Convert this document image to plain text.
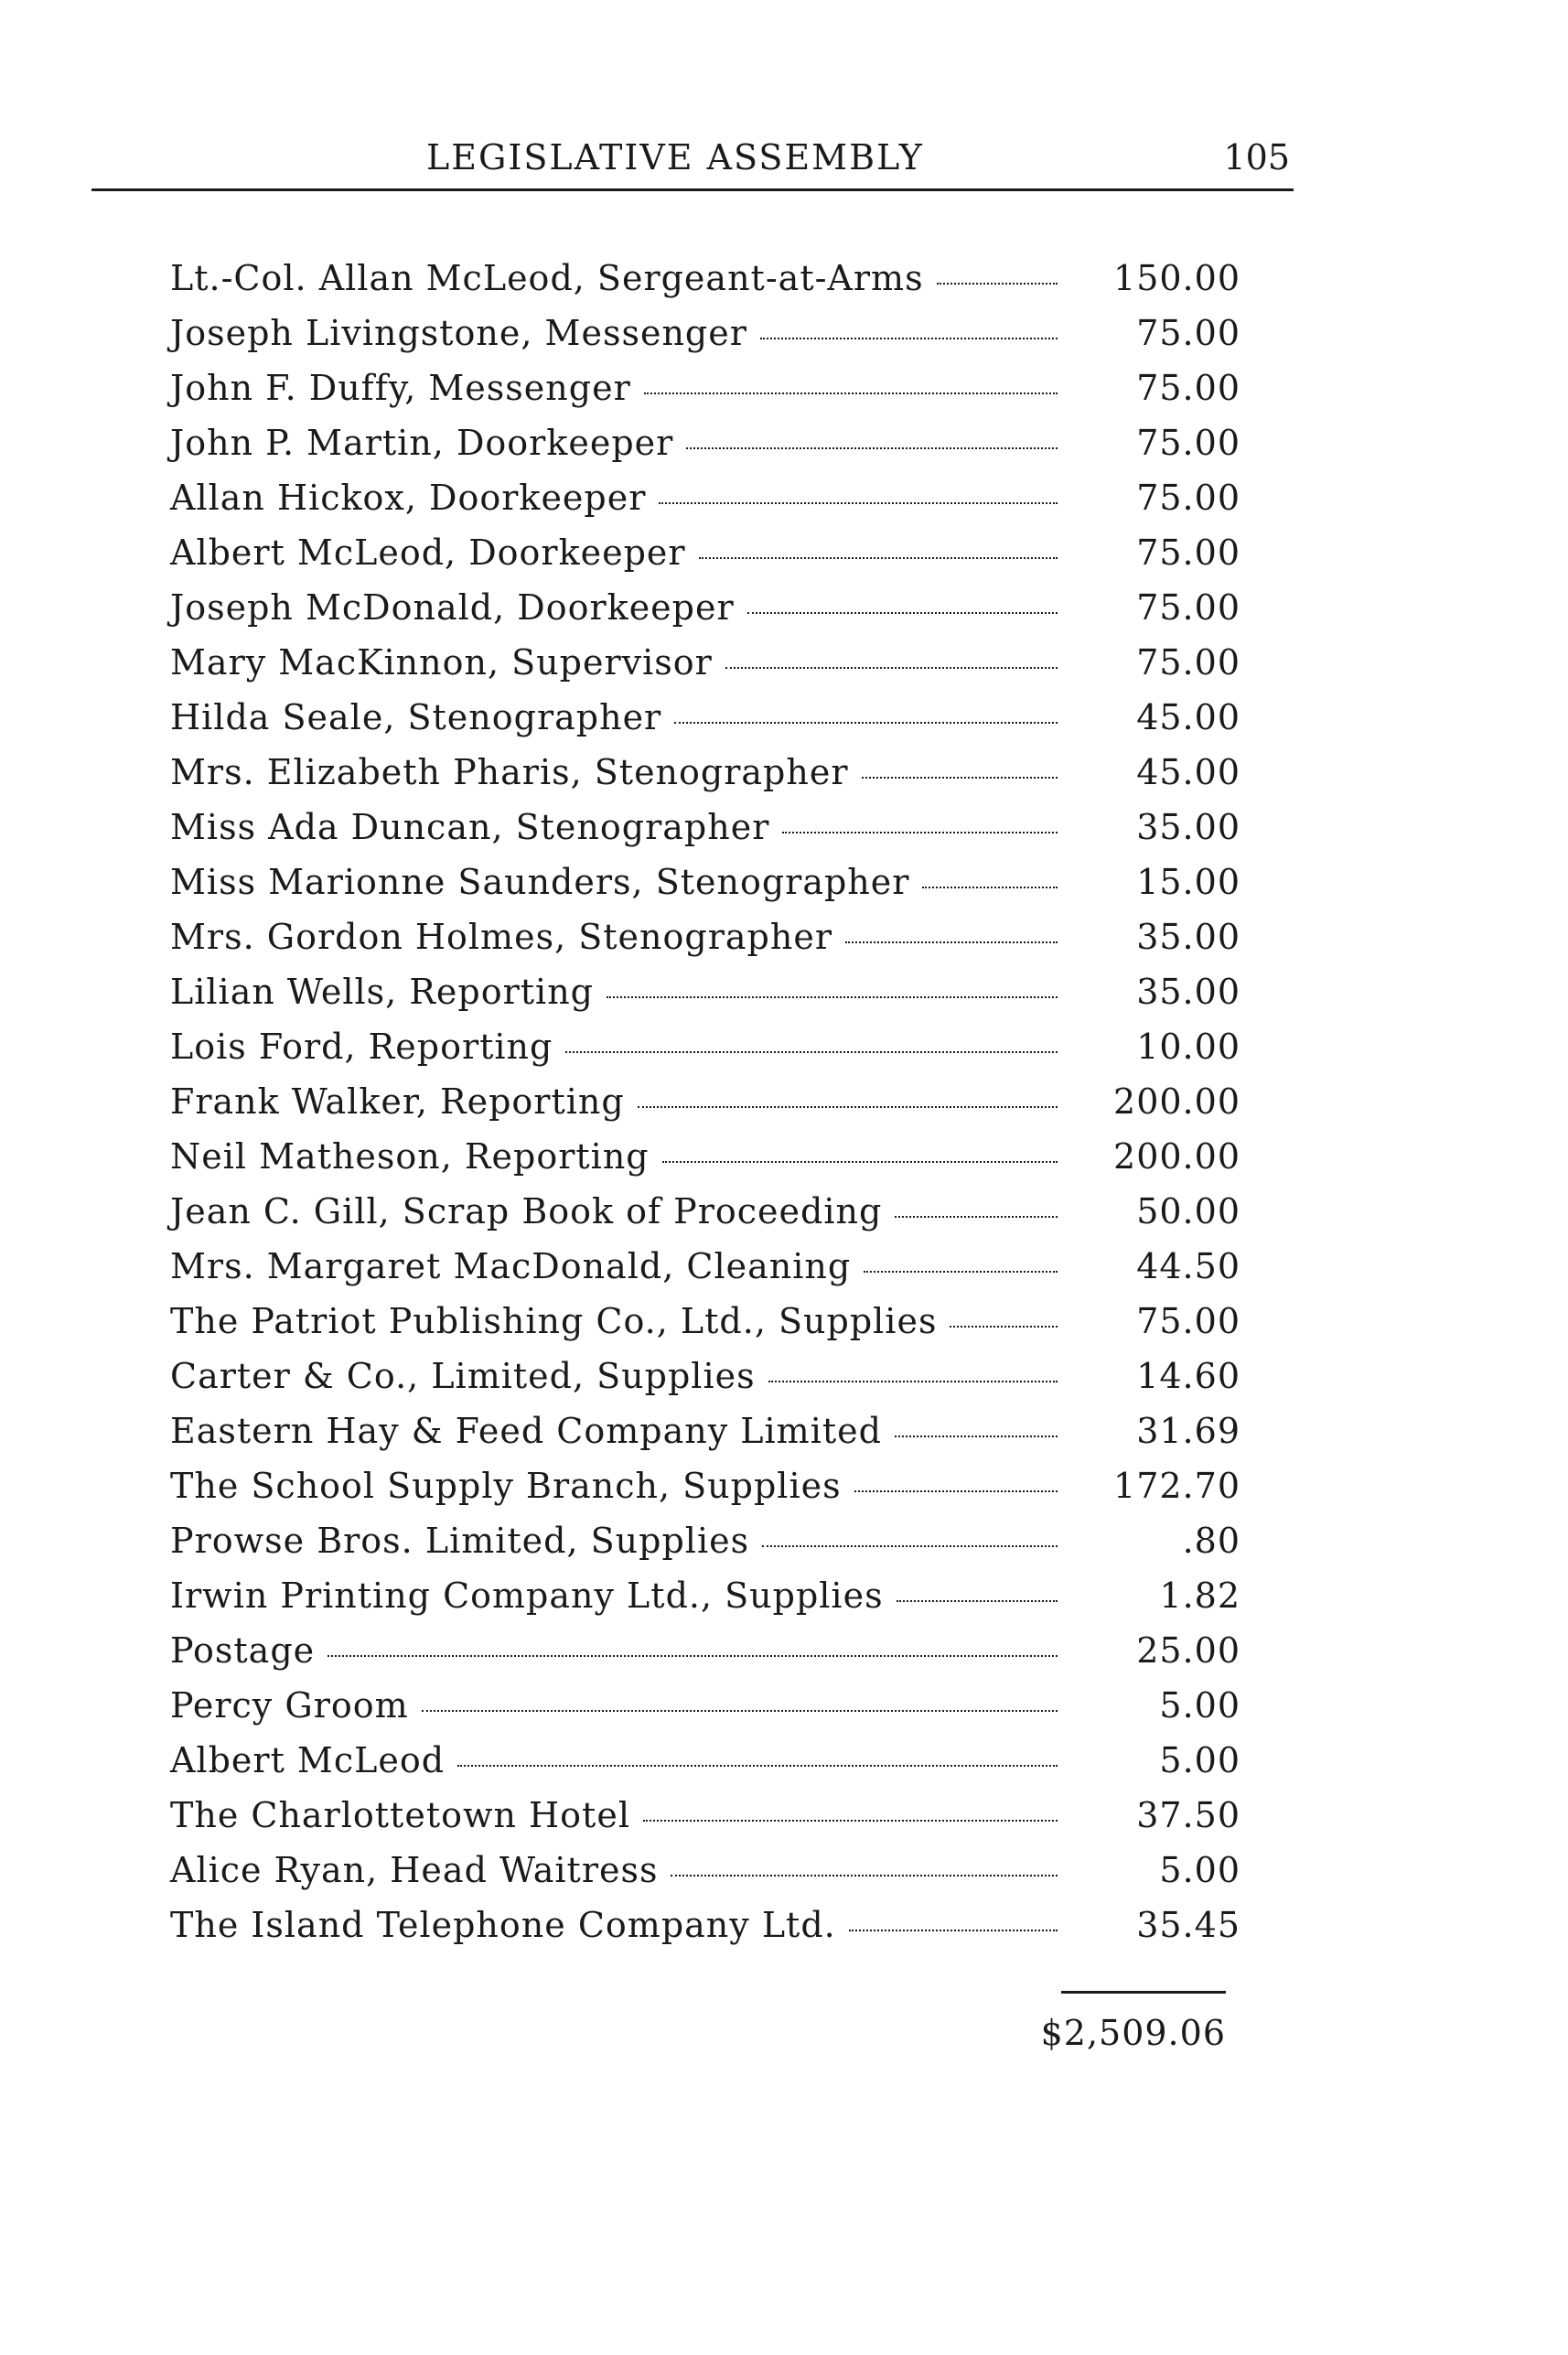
LEGISLATIVE ASSEMBLY	105
Lt.-Col. Allan McLeod, Sergeant-at-Arms	150.00
Joseph Livingstone, Messenger	75.00
John F. Duffy, Messenger	75.00
John P. Martin, Doorkeeper	75.00
Allan Hickox, Doorkeeper	75.00
Albert McLeod, Doorkeeper	75.00
Joseph McDonald, Doorkeeper	75.00
Mary MacKinnon, Supervisor	75.00
Hilda Seale, Stenographer	45.00
Mrs. Elizabeth Pharis, Stenographer	45.00
Miss Ada Duncan, Stenographer	35.00
Miss Marionne Saunders, Stenographer	15.00
Mrs. Gordon Holmes, Stenographer	35.00
Lilian Wells, Reporting	35.00
Lois Ford, Reporting	10.00
Frank Walker, Reporting	200.00
Neil Matheson, Reporting	200.00
Jean C. Gill, Scrap Book of Proceeding	50.00
Mrs. Margaret MacDonald, Cleaning	44.50
The Patriot Publishing Co., Ltd., Supplies	75.00
Carter & Co., Limited, Supplies	14.60
Eastern Hay & Feed Company Limited	31.69
The School Supply Branch, Supplies	172.70
Prowse Bros. Limited, Supplies	.80
Irwin Printing Company Ltd., Supplies	1.82
Postage	25.00
Percy Groom	5.00
Albert McLeod	5.00
The Charlottetown Hotel	37.50
Alice Ryan, Head Waitress	5.00
The Island Telephone Company Ltd.	35.45
$2,509.06
